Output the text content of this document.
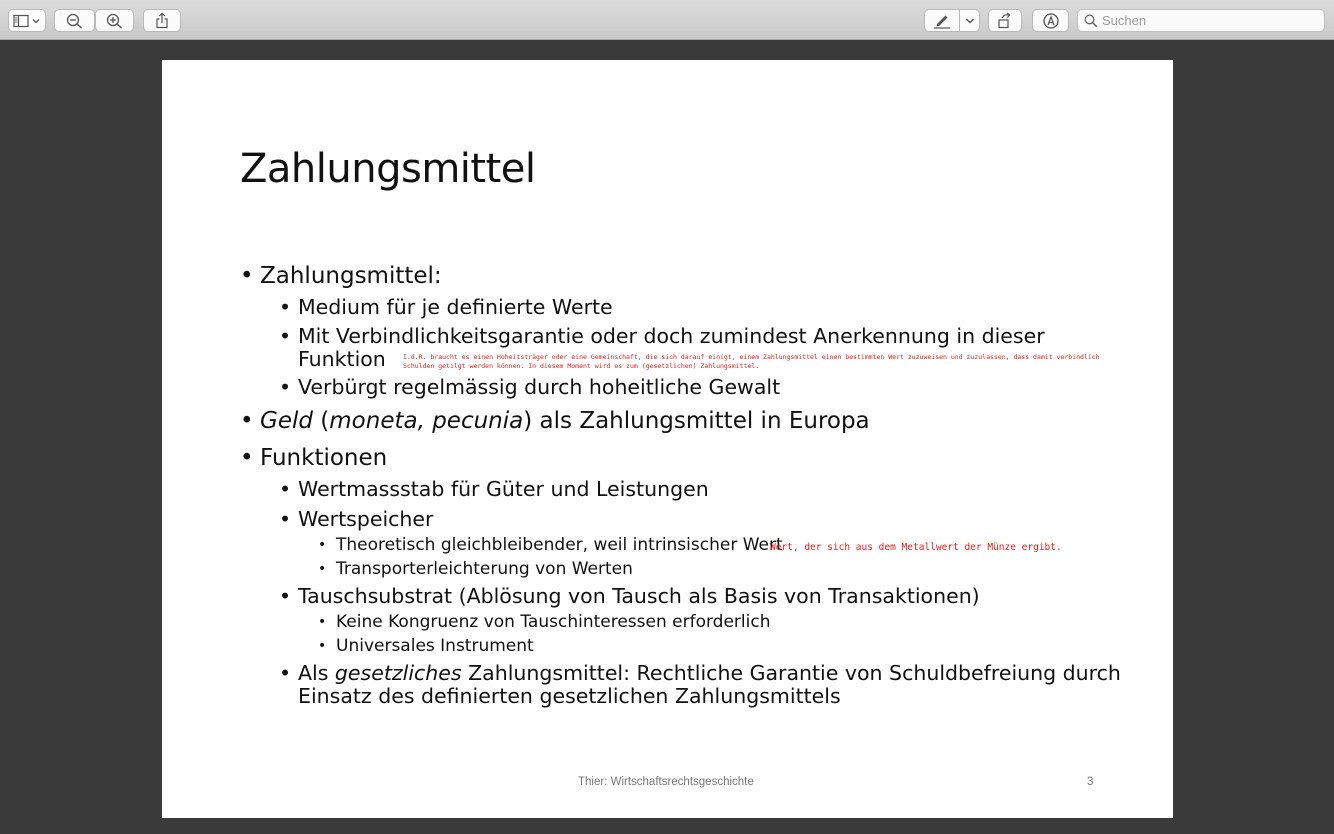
Suchen
Zahlungsmittel
• Zahlungsmittel:
• Medium für je definierte Werte
• Mit Verbindlichkeitsgarantie oder doch zumindest Anerkennung in dieser
Funktion	I.d.R. braucht es einen Hoheitsträger oder eine Gemeinschaft, die sich darauf einigt, einem Zahlungsmittel einen bestimmten Wert zuzuweisen und zuzulassen, dass damit verbindlich
Schulden getilgt werden können. In diesem Moment wird es zum (gesetzlichen) Zahlungsmittel.
• Verbürgt regelmässig durch hoheitliche Gewalt
• Geld (moneta, pecunia) als Zahlungsmittel in Europa
• Funktionen
• Wertmassstab für Güter und Leistungen
• Wertspeicher
• Theoretisch gleichbleibender, weil intrinsischer Wert
Wert, der sich aus dem Metallwert der Münze ergibt.
• Transporterleichterung von Werten
• Tauschsubstrat (Ablösung von Tausch als Basis von Transaktionen)
• Keine Kongruenz von Tauschinteressen erforderlich
• Universales Instrument
• Als gesetzliches Zahlungsmittel: Rechtliche Garantie von Schuldbefreiung durch
Einsatz des definierten gesetzlichen Zahlungsmittels
Thier: Wirtschaftsrechtsgeschichte	3
